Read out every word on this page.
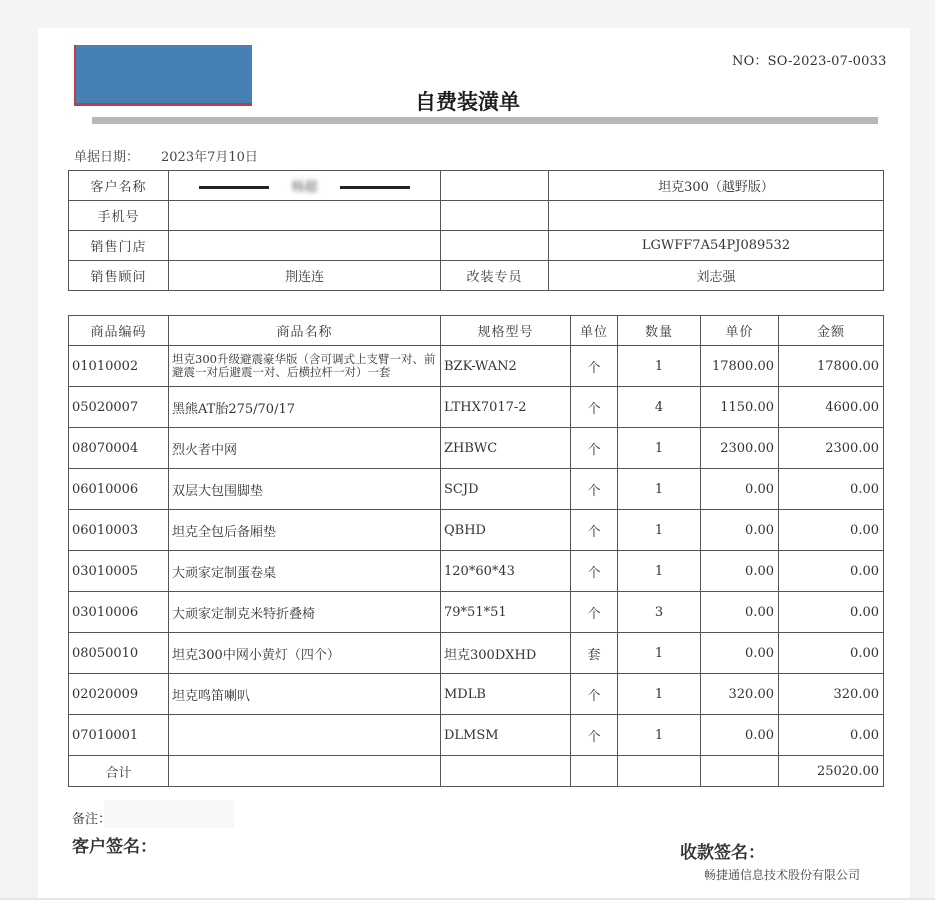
NO：SO-2023-07-0033
自费装潢单
单据日期： 2023年7月10日
客户名称	杨超		坦克300（越野版）
手机号			
销售门店			LGWFF7A54PJ089532
销售顾问	荆连连	改装专员	刘志强
商品编码	商品名称	规格型号	单位	数量	单价	金额
01010002	坦克300升级避震豪华版（含可调式上支臂一对、前避震一对后避震一对、后横拉杆一对）一套	BZK-WAN2	个	1	17800.00	17800.00
05020007	黑熊AT胎275/70/17	LTHX7017-2	个	4	1150.00	4600.00
08070004	烈火者中网	ZHBWC	个	1	2300.00	2300.00
06010006	双层大包围脚垫	SCJD	个	1	0.00	0.00
06010003	坦克全包后备厢垫	QBHD	个	1	0.00	0.00
03010005	大顽家定制蛋卷桌	120*60*43	个	1	0.00	0.00
03010006	大顽家定制克米特折叠椅	79*51*51	个	3	0.00	0.00
08050010	坦克300中网小黄灯（四个）	坦克300DXHD	套	1	0.00	0.00
02020009	坦克鸣笛喇叭	MDLB	个	1	320.00	320.00
07010001		DLMSM	个	1	0.00	0.00
合计						25020.00
备注：
客户签名：	收款签名：
畅捷通信息技术股份有限公司
